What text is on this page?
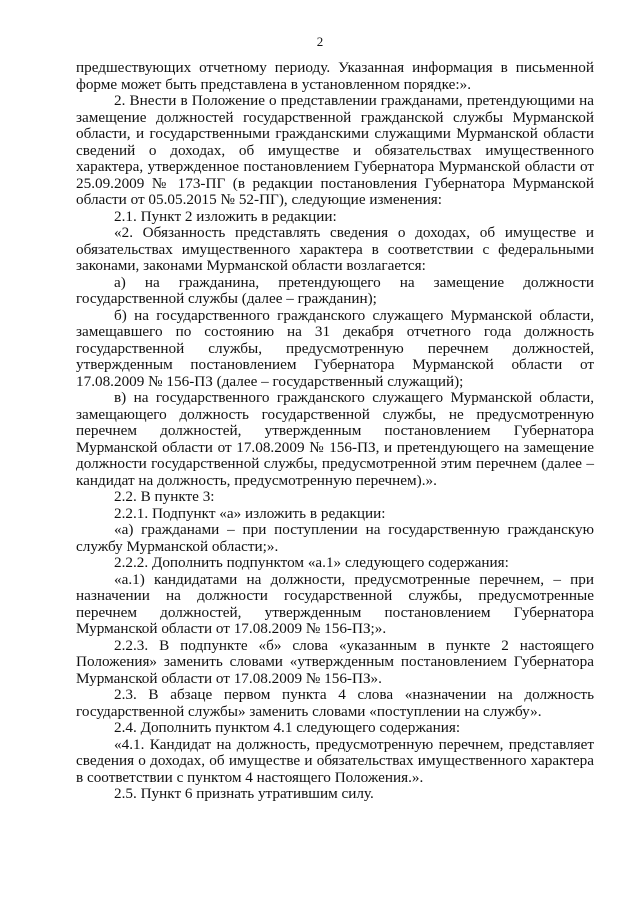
2

предшествующих отчетному периоду. Указанная информация в письменной форме может быть представлена в установленном порядке:».

2. Внести в Положение о представлении гражданами, претендующими на замещение должностей государственной гражданской службы Мурманской области, и государственными гражданскими служащими Мурманской области сведений о доходах, об имуществе и обязательствах имущественного характера, утвержденное постановлением Губернатора Мурманской области от 25.09.2009 № 173-ПГ (в редакции постановления Губернатора Мурманской области от 05.05.2015 № 52-ПГ), следующие изменения:

2.1. Пункт 2 изложить в редакции:

«2. Обязанность представлять сведения о доходах, об имуществе и обязательствах имущественного характера в соответствии с федеральными законами, законами Мурманской области возлагается:

а) на гражданина, претендующего на замещение должности государственной службы (далее – гражданин);

б) на государственного гражданского служащего Мурманской области, замещавшего по состоянию на 31 декабря отчетного года должность государственной службы, предусмотренную перечнем должностей, утвержденным постановлением Губернатора Мурманской области от 17.08.2009 № 156-ПЗ (далее – государственный служащий);

в) на государственного гражданского служащего Мурманской области, замещающего должность государственной службы, не предусмотренную перечнем должностей, утвержденным постановлением Губернатора Мурманской области от 17.08.2009 № 156-ПЗ, и претендующего на замещение должности государственной службы, предусмотренной этим перечнем (далее – кандидат на должность, предусмотренную перечнем).».

2.2. В пункте 3:

2.2.1. Подпункт «а» изложить в редакции:

«а) гражданами – при поступлении на государственную гражданскую службу Мурманской области;».

2.2.2. Дополнить подпунктом «а.1» следующего содержания:

«а.1) кандидатами на должности, предусмотренные перечнем, – при назначении на должности государственной службы, предусмотренные перечнем должностей, утвержденным постановлением Губернатора Мурманской области от 17.08.2009 № 156-ПЗ;».

2.2.3. В подпункте «б» слова «указанным в пункте 2 настоящего Положения» заменить словами «утвержденным постановлением Губернатора Мурманской области от 17.08.2009 № 156-ПЗ».

2.3. В абзаце первом пункта 4 слова «назначении на должность государственной службы» заменить словами «поступлении на службу».

2.4. Дополнить пунктом 4.1 следующего содержания:

«4.1. Кандидат на должность, предусмотренную перечнем, представляет сведения о доходах, об имуществе и обязательствах имущественного характера в соответствии с пунктом 4 настоящего Положения.».

2.5. Пункт 6 признать утратившим силу.
